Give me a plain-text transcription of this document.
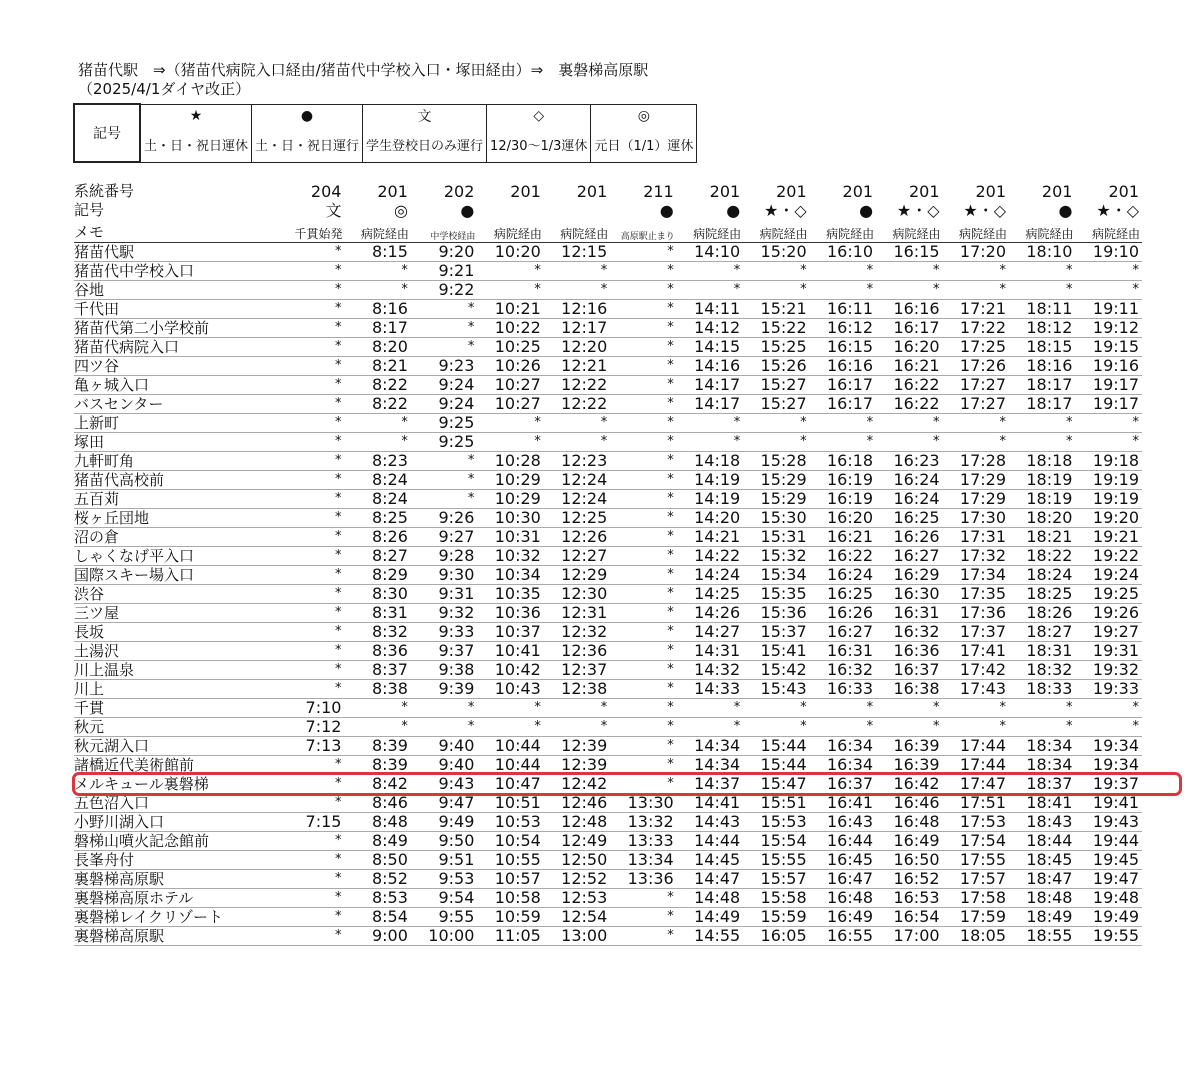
猪苗代駅　⇒（猪苗代病院入口経由/猪苗代中学校入口・塚田経由）⇒　裏磐梯高原駅
（2025/4/1ダイヤ改正）
記号	★	●	文	◇	◎
	土・日・祝日運休	土・日・祝日運行	学生登校日のみ運行	12/30〜1/3運休	元日（1/1）運休
系統番号	204	201	202	201	201	211	201	201	201	201	201	201	201
記号	文	◎	●			●	●	★・◇	●	★・◇	★・◇	●	★・◇
メモ	千貫始発	病院経由	中学校経由	病院経由	病院経由	高原駅止まり	病院経由	病院経由	病院経由	病院経由	病院経由	病院経由	病院経由
猪苗代駅	*	8:15	9:20	10:20	12:15	*	14:10	15:20	16:10	16:15	17:20	18:10	19:10
猪苗代中学校入口	*	*	9:21	*	*	*	*	*	*	*	*	*	*
谷地	*	*	9:22	*	*	*	*	*	*	*	*	*	*
千代田	*	8:16	*	10:21	12:16	*	14:11	15:21	16:11	16:16	17:21	18:11	19:11
猪苗代第二小学校前	*	8:17	*	10:22	12:17	*	14:12	15:22	16:12	16:17	17:22	18:12	19:12
猪苗代病院入口	*	8:20	*	10:25	12:20	*	14:15	15:25	16:15	16:20	17:25	18:15	19:15
四ツ谷	*	8:21	9:23	10:26	12:21	*	14:16	15:26	16:16	16:21	17:26	18:16	19:16
亀ヶ城入口	*	8:22	9:24	10:27	12:22	*	14:17	15:27	16:17	16:22	17:27	18:17	19:17
バスセンター	*	8:22	9:24	10:27	12:22	*	14:17	15:27	16:17	16:22	17:27	18:17	19:17
上新町	*	*	9:25	*	*	*	*	*	*	*	*	*	*
塚田	*	*	9:25	*	*	*	*	*	*	*	*	*	*
九軒町角	*	8:23	*	10:28	12:23	*	14:18	15:28	16:18	16:23	17:28	18:18	19:18
猪苗代高校前	*	8:24	*	10:29	12:24	*	14:19	15:29	16:19	16:24	17:29	18:19	19:19
五百苅	*	8:24	*	10:29	12:24	*	14:19	15:29	16:19	16:24	17:29	18:19	19:19
桜ヶ丘団地	*	8:25	9:26	10:30	12:25	*	14:20	15:30	16:20	16:25	17:30	18:20	19:20
沼の倉	*	8:26	9:27	10:31	12:26	*	14:21	15:31	16:21	16:26	17:31	18:21	19:21
しゃくなげ平入口	*	8:27	9:28	10:32	12:27	*	14:22	15:32	16:22	16:27	17:32	18:22	19:22
国際スキー場入口	*	8:29	9:30	10:34	12:29	*	14:24	15:34	16:24	16:29	17:34	18:24	19:24
渋谷	*	8:30	9:31	10:35	12:30	*	14:25	15:35	16:25	16:30	17:35	18:25	19:25
三ツ屋	*	8:31	9:32	10:36	12:31	*	14:26	15:36	16:26	16:31	17:36	18:26	19:26
長坂	*	8:32	9:33	10:37	12:32	*	14:27	15:37	16:27	16:32	17:37	18:27	19:27
土湯沢	*	8:36	9:37	10:41	12:36	*	14:31	15:41	16:31	16:36	17:41	18:31	19:31
川上温泉	*	8:37	9:38	10:42	12:37	*	14:32	15:42	16:32	16:37	17:42	18:32	19:32
川上	*	8:38	9:39	10:43	12:38	*	14:33	15:43	16:33	16:38	17:43	18:33	19:33
千貫	7:10	*	*	*	*	*	*	*	*	*	*	*	*
秋元	7:12	*	*	*	*	*	*	*	*	*	*	*	*
秋元湖入口	7:13	8:39	9:40	10:44	12:39	*	14:34	15:44	16:34	16:39	17:44	18:34	19:34
諸橋近代美術館前	*	8:39	9:40	10:44	12:39	*	14:34	15:44	16:34	16:39	17:44	18:34	19:34
メルキュール裏磐梯	*	8:42	9:43	10:47	12:42	*	14:37	15:47	16:37	16:42	17:47	18:37	19:37
五色沼入口	*	8:46	9:47	10:51	12:46	13:30	14:41	15:51	16:41	16:46	17:51	18:41	19:41
小野川湖入口	7:15	8:48	9:49	10:53	12:48	13:32	14:43	15:53	16:43	16:48	17:53	18:43	19:43
磐梯山噴火記念館前	*	8:49	9:50	10:54	12:49	13:33	14:44	15:54	16:44	16:49	17:54	18:44	19:44
長峯舟付	*	8:50	9:51	10:55	12:50	13:34	14:45	15:55	16:45	16:50	17:55	18:45	19:45
裏磐梯高原駅	*	8:52	9:53	10:57	12:52	13:36	14:47	15:57	16:47	16:52	17:57	18:47	19:47
裏磐梯高原ホテル	*	8:53	9:54	10:58	12:53	*	14:48	15:58	16:48	16:53	17:58	18:48	19:48
裏磐梯レイクリゾート	*	8:54	9:55	10:59	12:54	*	14:49	15:59	16:49	16:54	17:59	18:49	19:49
裏磐梯高原駅	*	9:00	10:00	11:05	13:00	*	14:55	16:05	16:55	17:00	18:05	18:55	19:55
